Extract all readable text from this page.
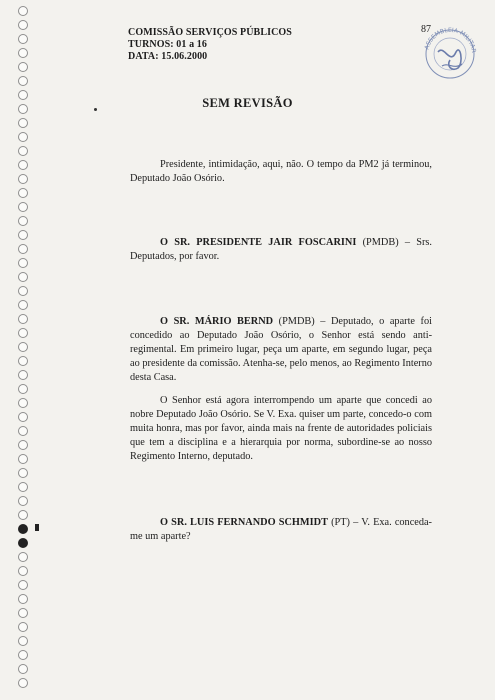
COMISSÃO SERVIÇOS PÚBLICOS
TURNOS: 01 a 16
DATA: 15.06.2000
ASSEMBLEIA MILITAR
87
SEM REVISÃO

Presidente, intimidação, aqui, não. O tempo da PM2 já terminou, Deputado João Osório.

O SR. PRESIDENTE JAIR FOSCARINI (PMDB) – Srs. Deputados, por favor.

O SR. MÁRIO BERND (PMDB) – Deputado, o aparte foi concedido ao Deputado João Osório, o Senhor está sendo anti-regimental. Em primeiro lugar, peça um aparte, em segundo lugar, peça ao presidente da comissão. Atenha-se, pelo menos, ao Regimento Interno desta Casa.

O Senhor está agora interrompendo um aparte que concedi ao nobre Deputado João Osório. Se V. Exa. quiser um parte, concedo-o com muita honra, mas por favor, ainda mais na frente de autoridades policiais que tem a disciplina e a hierarquia por norma, subordine-se ao nosso Regimento Interno, deputado.

O SR. LUIS FERNANDO SCHMIDT (PT) – V. Exa. conceda-me um aparte?
